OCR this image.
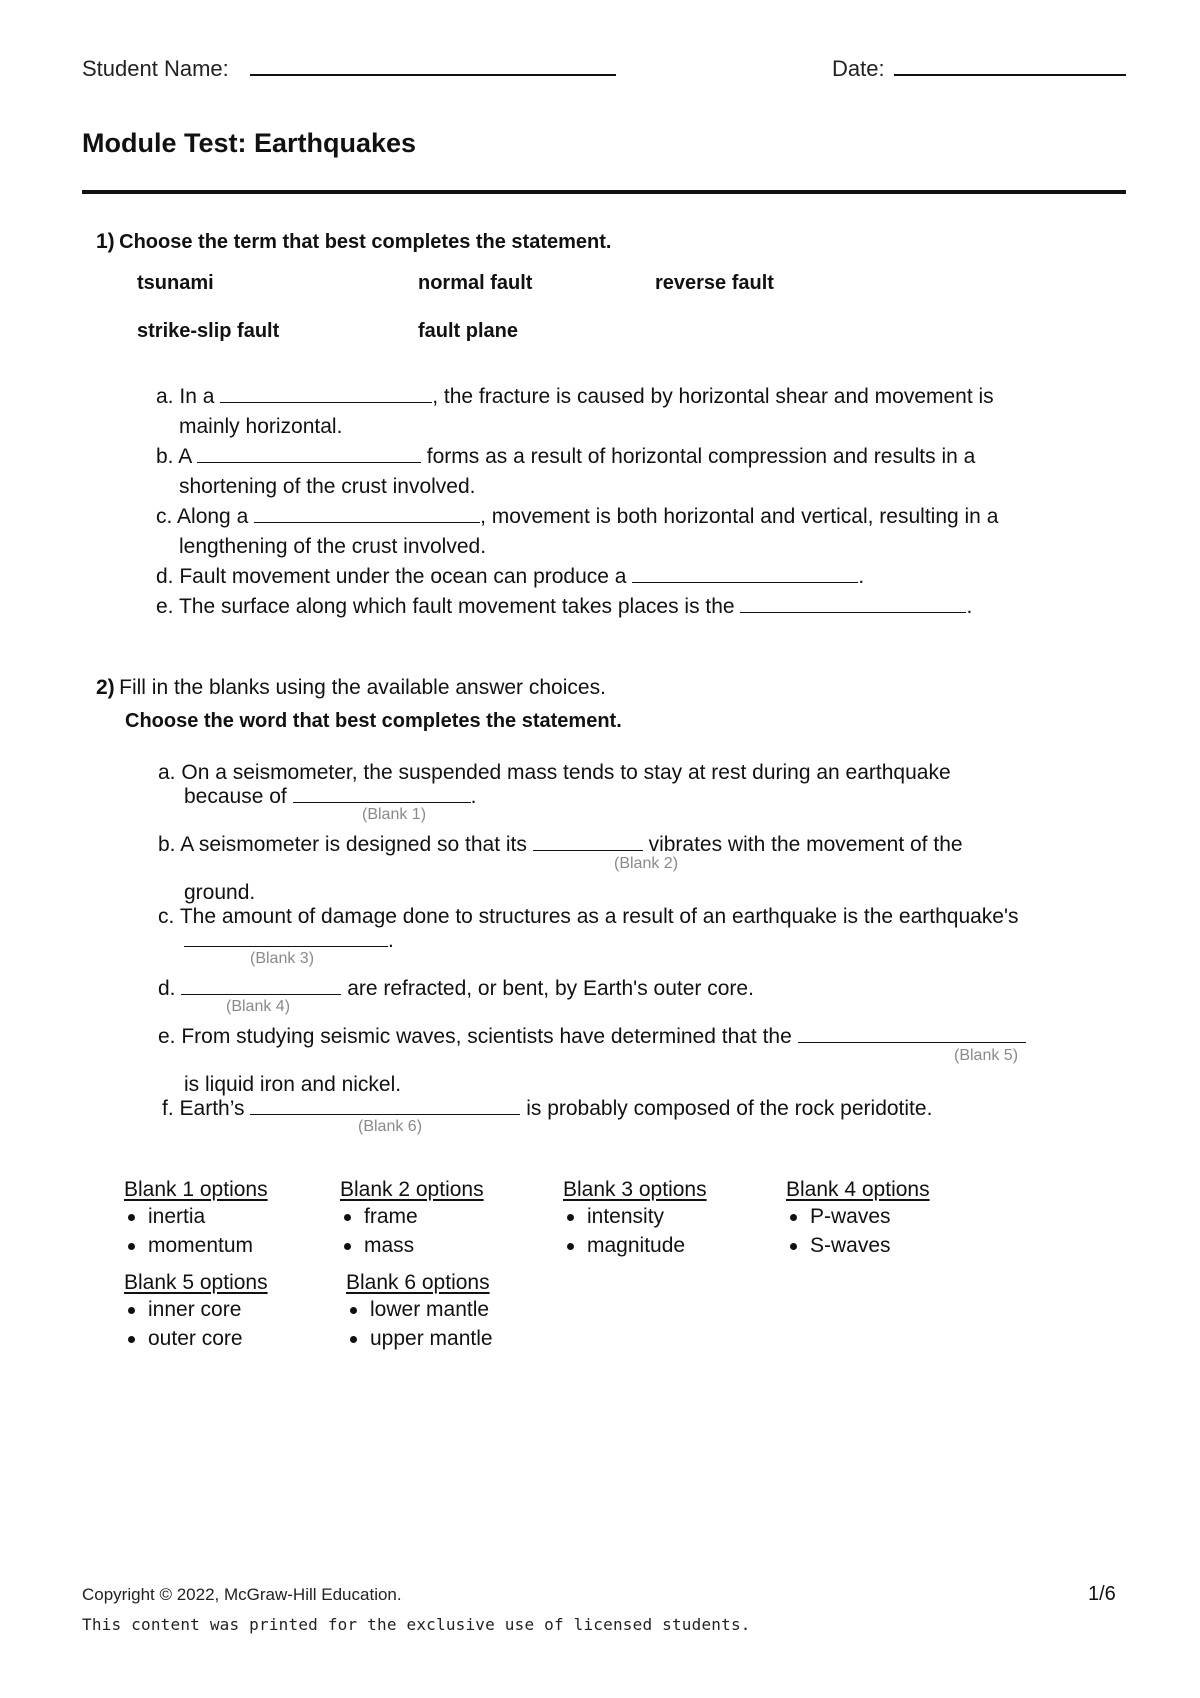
Student Name:	Date:
Module Test: Earthquakes
1) Choose the term that best completes the statement.
tsunami	normal fault	reverse fault
strike-slip fault	fault plane
a. In a	, the fracture is caused by horizontal shear and movement is
mainly horizontal.
b. A	forms as a result of horizontal compression and results in a
shortening of the crust involved.
c. Along a	, movement is both horizontal and vertical, resulting in a
lengthening of the crust involved.
d. Fault movement under the ocean can produce a	.
e. The surface along which fault movement takes places is the	.
2) Fill in the blanks using the available answer choices.
Choose the word that best completes the statement.
a. On a seismometer, the suspended mass tends to stay at rest during an earthquake
because of	.
(Blank 1)
b. A seismometer is designed so that its	vibrates with the movement of the
(Blank 2)
ground.
c. The amount of damage done to structures as a result of an earthquake is the earthquake's
.
(Blank 3)
d.	are refracted, or bent, by Earth's outer core.
(Blank 4)
e. From studying seismic waves, scientists have determined that the
(Blank 5)
is liquid iron and nickel.
f. Earth’s	is probably composed of the rock peridotite.
(Blank 6)
Blank 1 options
inertia
momentum
Blank 2 options
frame
mass
Blank 3 options
intensity
magnitude
Blank 4 options
P-waves
S-waves
Blank 5 options
inner core
outer core
Blank 6 options
lower mantle
upper mantle
Copyright © 2022, McGraw-Hill Education.	1/6
This content was printed for the exclusive use of licensed students.
